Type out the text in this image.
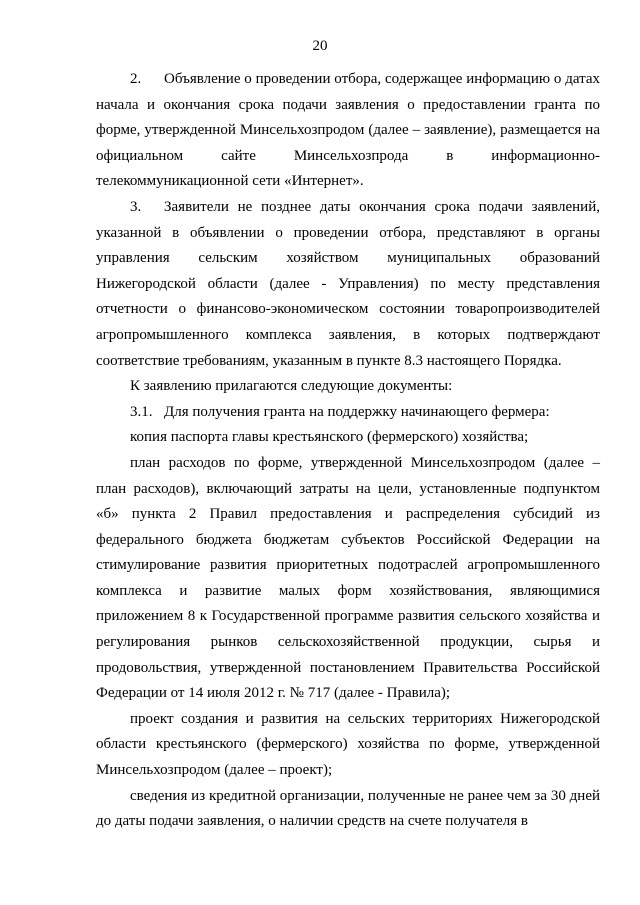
20

2. Объявление о проведении отбора, содержащее информацию о датах начала и окончания срока подачи заявления о предоставлении гранта по форме, утвержденной Минсельхозпродом (далее – заявление), размещается на официальном сайте Минсельхозпрода в информационно-телекоммуникационной сети «Интернет».

3. Заявители не позднее даты окончания срока подачи заявлений, указанной в объявлении о проведении отбора, представляют в органы управления сельским хозяйством муниципальных образований Нижегородской области (далее - Управления) по месту представления отчетности о финансово-экономическом состоянии товаропроизводителей агропромышленного комплекса заявления, в которых подтверждают соответствие требованиям, указанным в пункте 8.3 настоящего Порядка.

К заявлению прилагаются следующие документы:

3.1. Для получения гранта на поддержку начинающего фермера:

копия паспорта главы крестьянского (фермерского) хозяйства;

план расходов по форме, утвержденной Минсельхозпродом (далее – план расходов), включающий затраты на цели, установленные подпунктом «б» пункта 2 Правил предоставления и распределения субсидий из федерального бюджета бюджетам субъектов Российской Федерации на стимулирование развития приоритетных подотраслей агропромышленного комплекса и развитие малых форм хозяйствования, являющимися приложением 8 к Государственной программе развития сельского хозяйства и регулирования рынков сельскохозяйственной продукции, сырья и продовольствия, утвержденной постановлением Правительства Российской Федерации от 14 июля 2012 г. № 717 (далее - Правила);

проект создания и развития на сельских территориях Нижегородской области крестьянского (фермерского) хозяйства по форме, утвержденной Минсельхозпродом (далее – проект);

сведения из кредитной организации, полученные не ранее чем за 30 дней до даты подачи заявления, о наличии средств на счете получателя в
